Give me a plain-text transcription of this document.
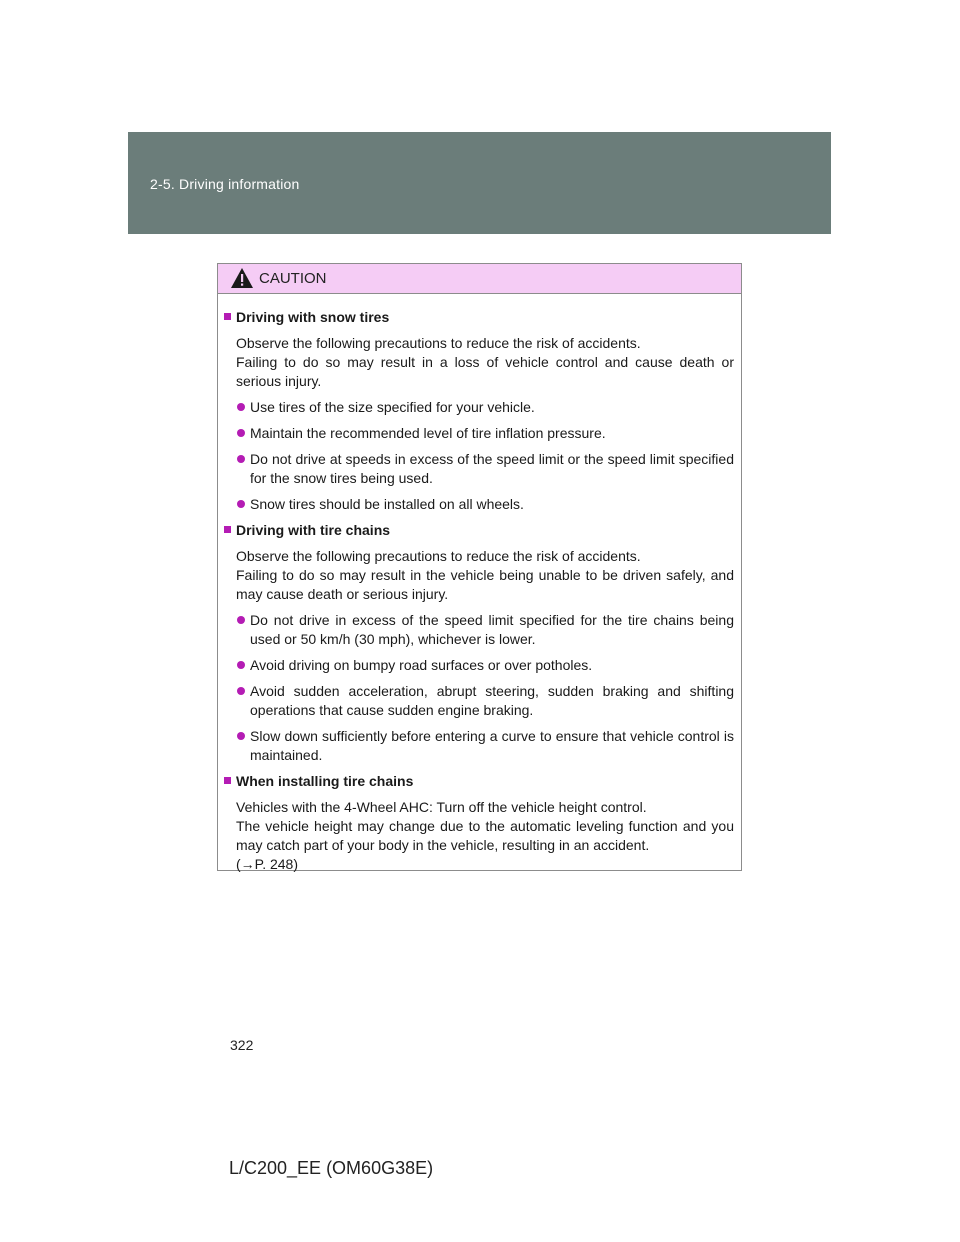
2-5. Driving information
CAUTION
Driving with snow tires
Observe the following precautions to reduce the risk of accidents.
Failing to do so may result in a loss of vehicle control and cause death or serious injury.
Use tires of the size specified for your vehicle.
Maintain the recommended level of tire inflation pressure.
Do not drive at speeds in excess of the speed limit or the speed limit specified for the snow tires being used.
Snow tires should be installed on all wheels.
Driving with tire chains
Observe the following precautions to reduce the risk of accidents.
Failing to do so may result in the vehicle being unable to be driven safely, and may cause death or serious injury.
Do not drive in excess of the speed limit specified for the tire chains being used or 50 km/h (30 mph), whichever is lower.
Avoid driving on bumpy road surfaces or over potholes.
Avoid sudden acceleration, abrupt steering, sudden braking and shifting operations that cause sudden engine braking.
Slow down sufficiently before entering a curve to ensure that vehicle control is maintained.
When installing tire chains
Vehicles with the 4-Wheel AHC: Turn off the vehicle height control.
The vehicle height may change due to the automatic leveling function and you may catch part of your body in the vehicle, resulting in an accident.
(→P. 248)
322
L/C200_EE (OM60G38E)
